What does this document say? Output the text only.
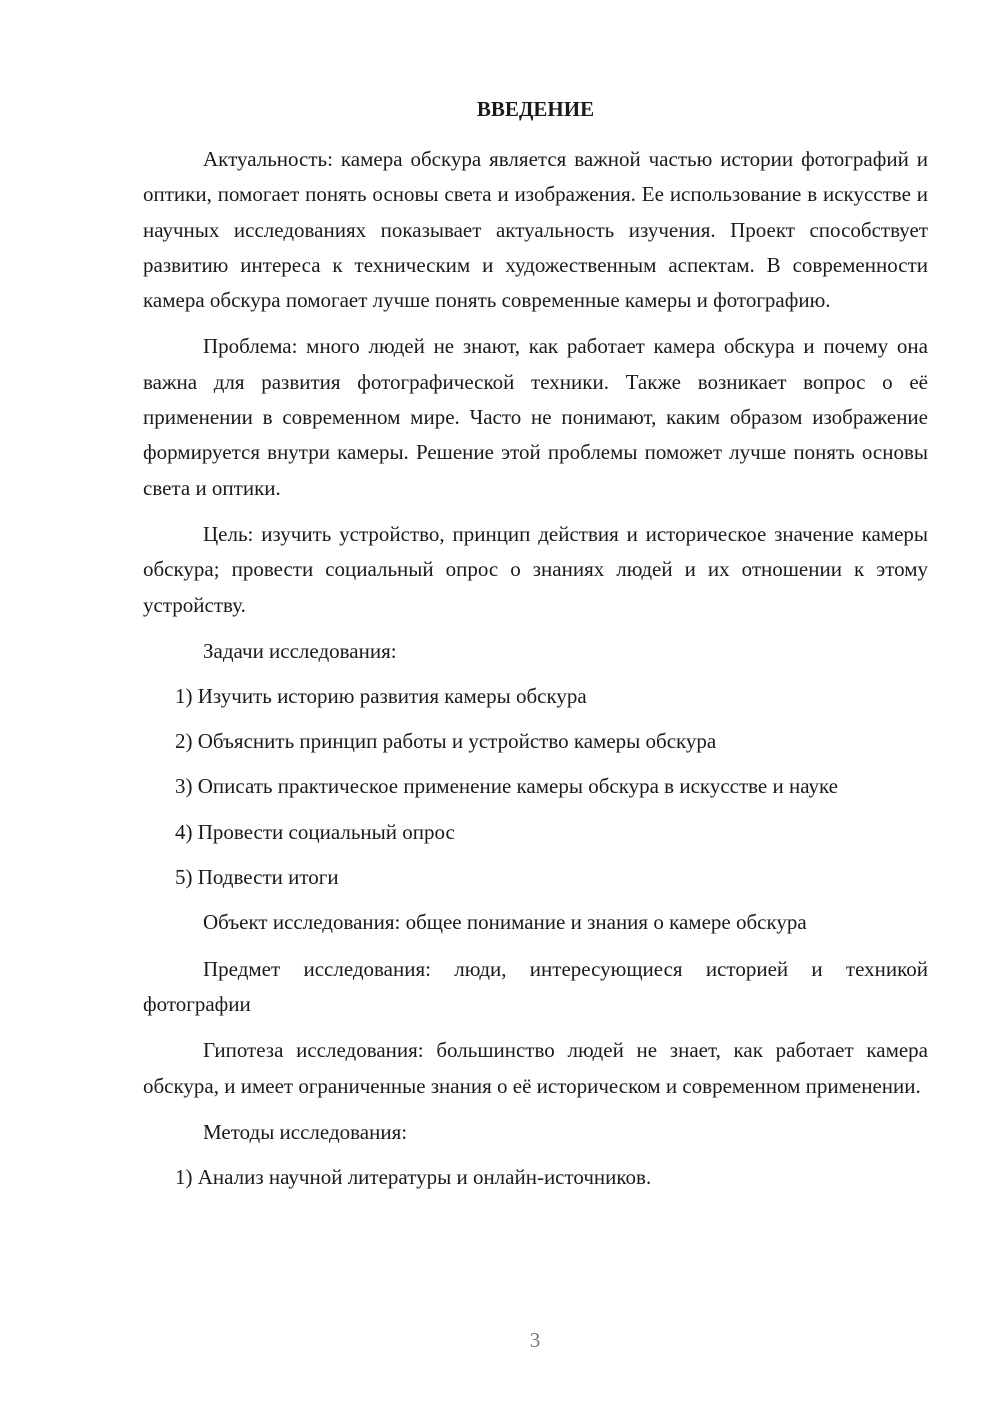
ВВЕДЕНИЕ

Актуальность: камера обскура является важной частью истории фотографий и оптики, помогает понять основы света и изображения. Ее использование в искусстве и научных исследованиях показывает актуальность изучения. Проект способствует развитию интереса к техническим и художественным аспектам. В современности камера обскура помогает лучше понять современные камеры и фотографию.

Проблема: много людей не знают, как работает камера обскура и почему она важна для развития фотографической техники. Также возникает вопрос о её применении в современном мире. Часто не понимают, каким образом изображение формируется внутри камеры. Решение этой проблемы поможет лучше понять основы света и оптики.

Цель: изучить устройство, принцип действия и историческое значение камеры обскура; провести социальный опрос о знаниях людей и их отношении к этому устройству.

Задачи исследования:

1) Изучить историю развития камеры обскура

2) Объяснить принцип работы и устройство камеры обскура

3) Описать практическое применение камеры обскура в искусстве и науке

4) Провести социальный опрос

5) Подвести итоги

Объект исследования: общее понимание и знания о камере обскура

Предмет исследования: люди, интересующиеся историей и техникой фотографии

Гипотеза исследования: большинство людей не знает, как работает камера обскура, и имеет ограниченные знания о её историческом и современном применении.

Методы исследования:

1) Анализ научной литературы и онлайн-источников.

3
